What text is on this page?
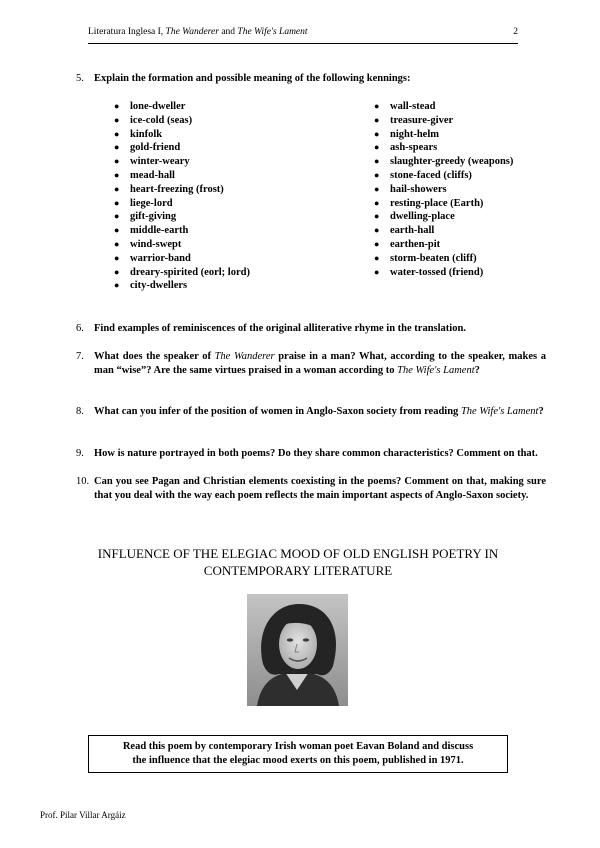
Literatura Inglesa I, The Wanderer and The Wife's Lament	2
5. Explain the formation and possible meaning of the following kennings:
● lone-dweller
● ice-cold (seas)
● kinfolk
● gold-friend
● winter-weary
● mead-hall
● heart-freezing (frost)
● liege-lord
● gift-giving
● middle-earth
● wind-swept
● warrior-band
● dreary-spirited (eorl; lord)
● city-dwellers
● wall-stead
● treasure-giver
● night-helm
● ash-spears
● slaughter-greedy (weapons)
● stone-faced (cliffs)
● hail-showers
● resting-place (Earth)
● dwelling-place
● earth-hall
● earthen-pit
● storm-beaten (cliff)
● water-tossed (friend)
6. Find examples of reminiscences of the original alliterative rhyme in the translation.
7. What does the speaker of The Wanderer praise in a man? What, according to the speaker, makes a man “wise”? Are the same virtues praised in a woman according to The Wife's Lament?
8. What can you infer of the position of women in Anglo-Saxon society from reading The Wife's Lament?
9. How is nature portrayed in both poems? Do they share common characteristics? Comment on that.
10. Can you see Pagan and Christian elements coexisting in the poems? Comment on that, making sure that you deal with the way each poem reflects the main important aspects of Anglo-Saxon society.
INFLUENCE OF THE ELEGIAC MOOD OF OLD ENGLISH POETRY IN
CONTEMPORARY LITERATURE
Read this poem by contemporary Irish woman poet Eavan Boland and discuss
the influence that the elegiac mood exerts on this poem, published in 1971.
Prof. Pilar Villar Argáiz
